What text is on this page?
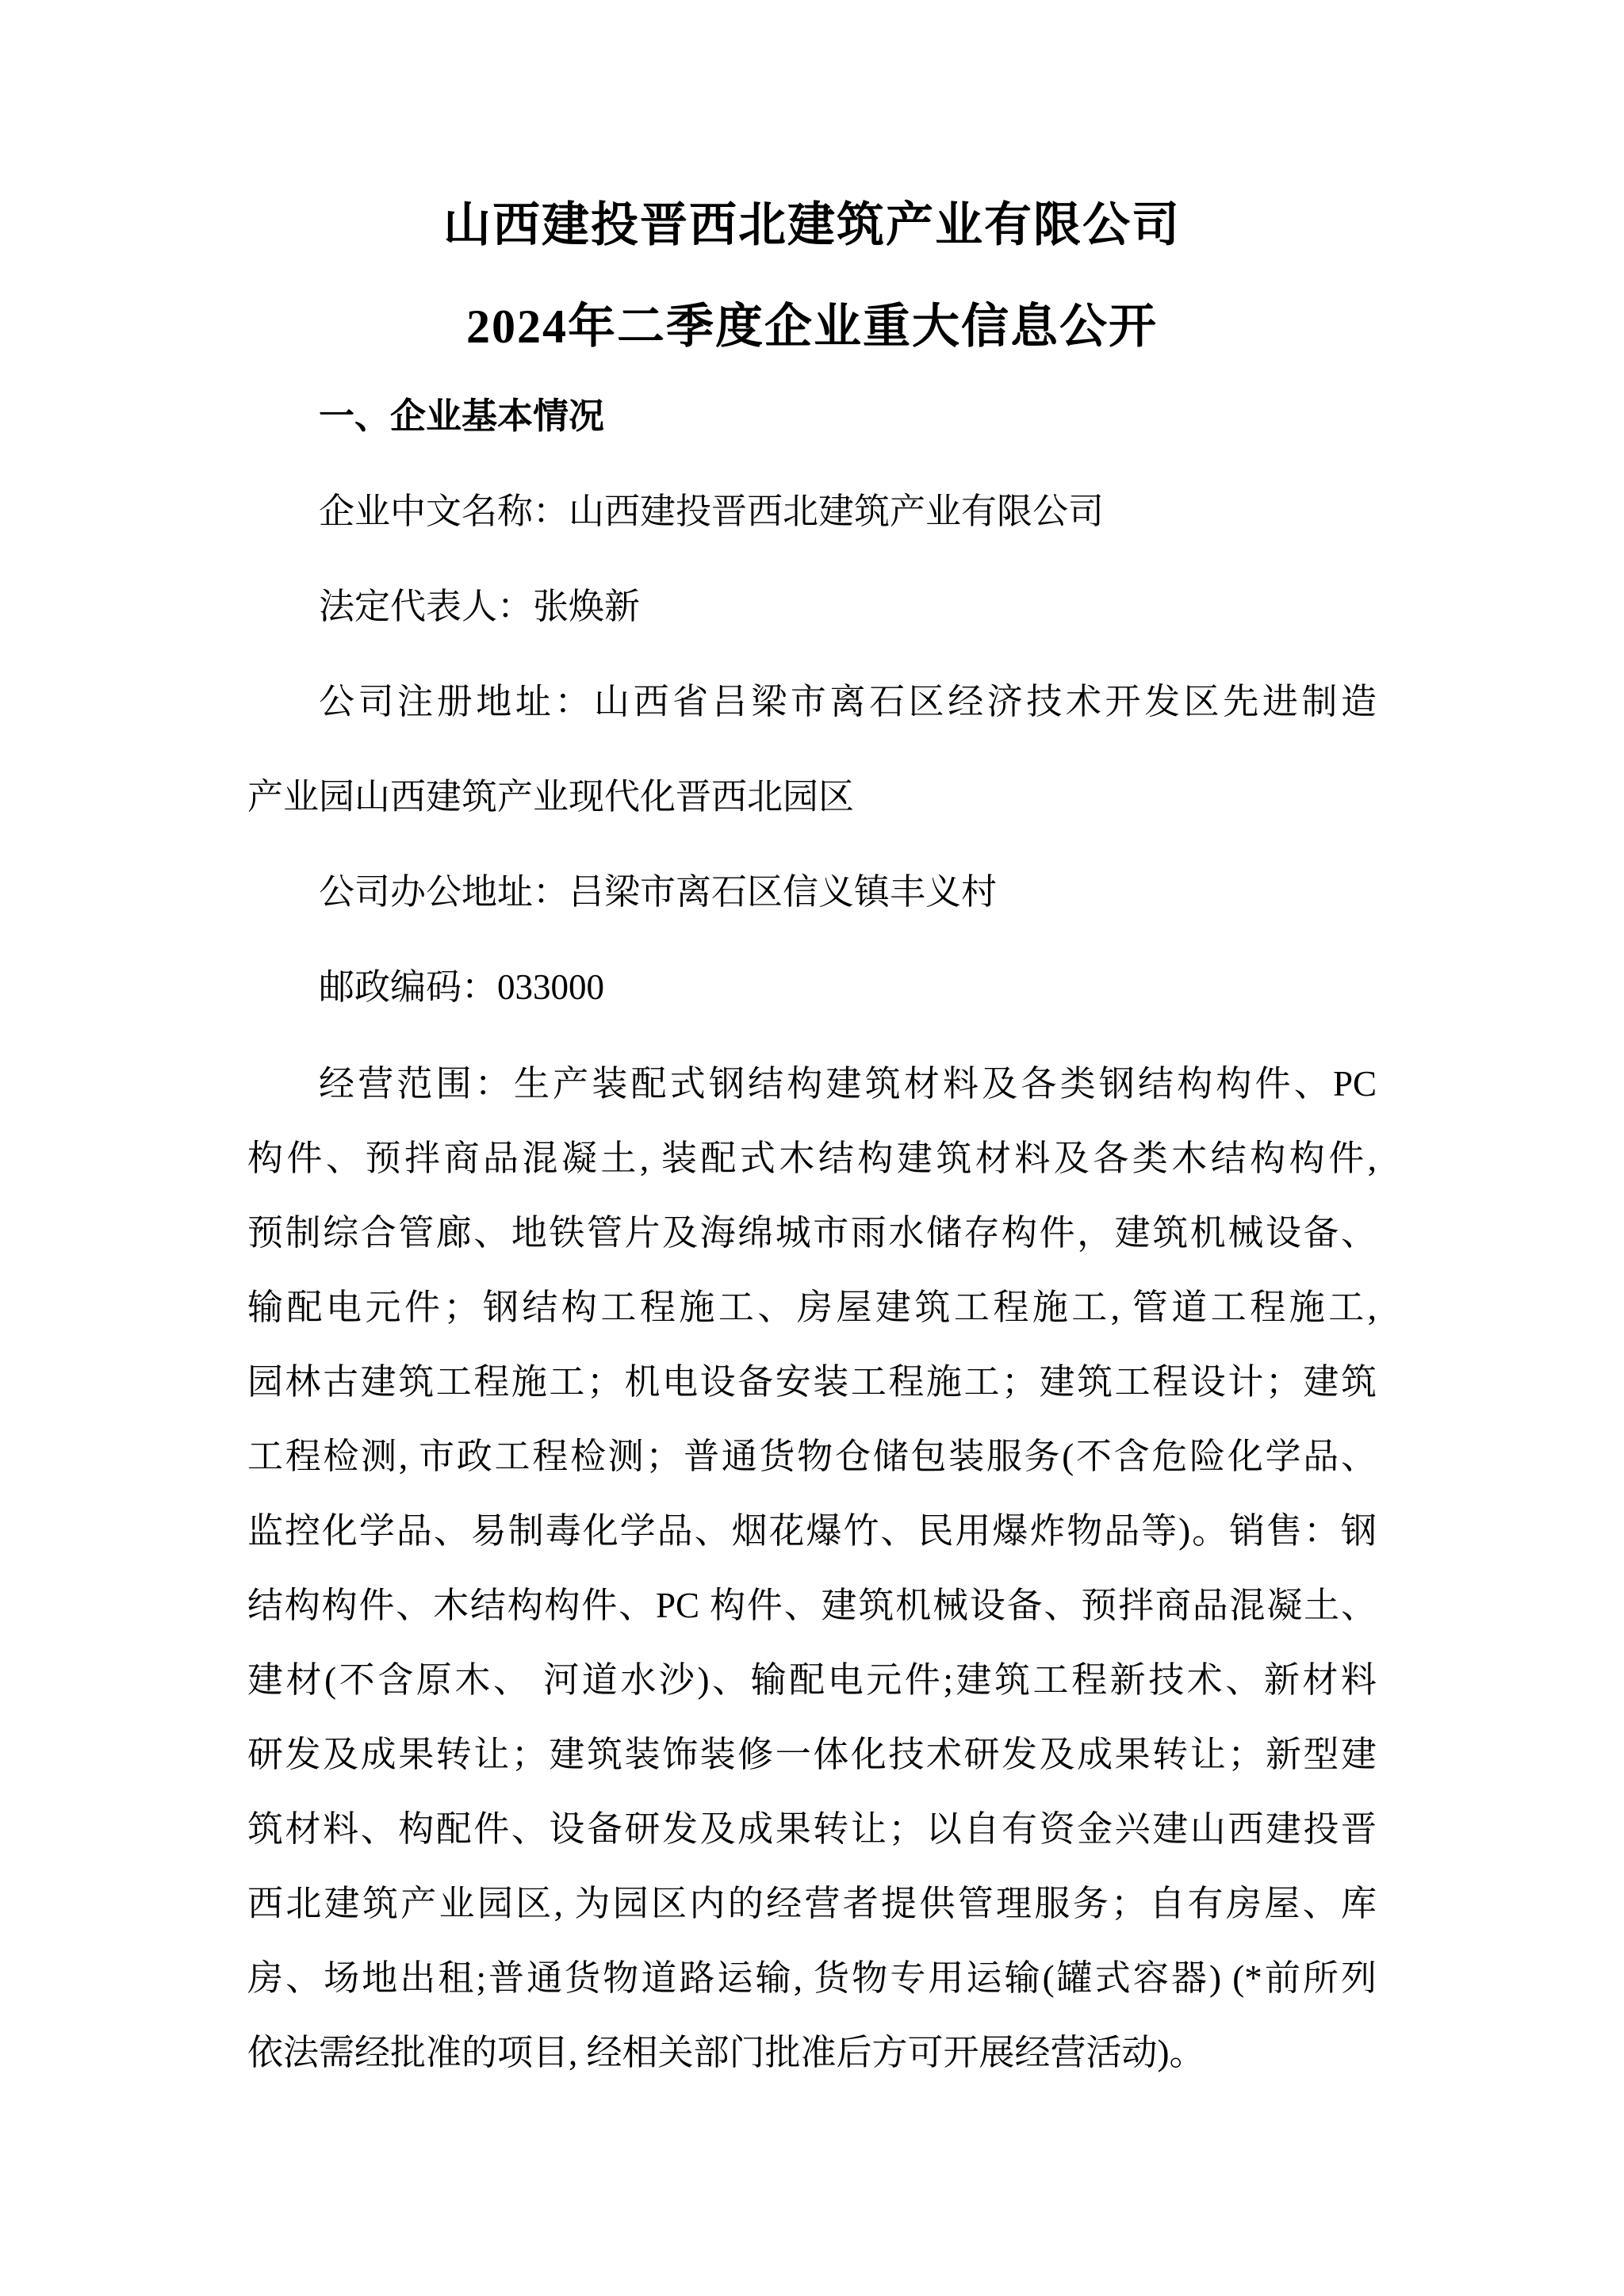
山西建投晋西北建筑产业有限公司
2024年二季度企业重大信息公开
一、企业基本情况
企业中文名称：山西建投晋西北建筑产业有限公司
法定代表人：张焕新
公司注册地址：山西省吕梁市离石区经济技术开发区先进制造
产业园山西建筑产业现代化晋西北园区
公司办公地址：吕梁市离石区信义镇丰义村
邮政编码：033000
经营范围：生产装配式钢结构建筑材料及各类钢结构构件、PC
构件、预拌商品混凝土, 装配式木结构建筑材料及各类木结构构件,
预制综合管廊、地铁管片及海绵城市雨水储存构件，建筑机械设备、
输配电元件；钢结构工程施工、房屋建筑工程施工, 管道工程施工,
园林古建筑工程施工；机电设备安装工程施工；建筑工程设计；建筑
工程检测, 市政工程检测；普通货物仓储包装服务(不含危险化学品、
监控化学品、易制毒化学品、烟花爆竹、民用爆炸物品等)。销售：钢
结构构件、木结构构件、PC 构件、建筑机械设备、预拌商品混凝土、
建材(不含原木、 河道水沙)、输配电元件;建筑工程新技术、新材料
研发及成果转让；建筑装饰装修一体化技术研发及成果转让；新型建
筑材料、构配件、设备研发及成果转让；以自有资金兴建山西建投晋
西北建筑产业园区, 为园区内的经营者提供管理服务；自有房屋、库
房、场地出租;普通货物道路运输, 货物专用运输(罐式容器) (*前所列
依法需经批准的项目, 经相关部门批准后方可开展经营活动)。
